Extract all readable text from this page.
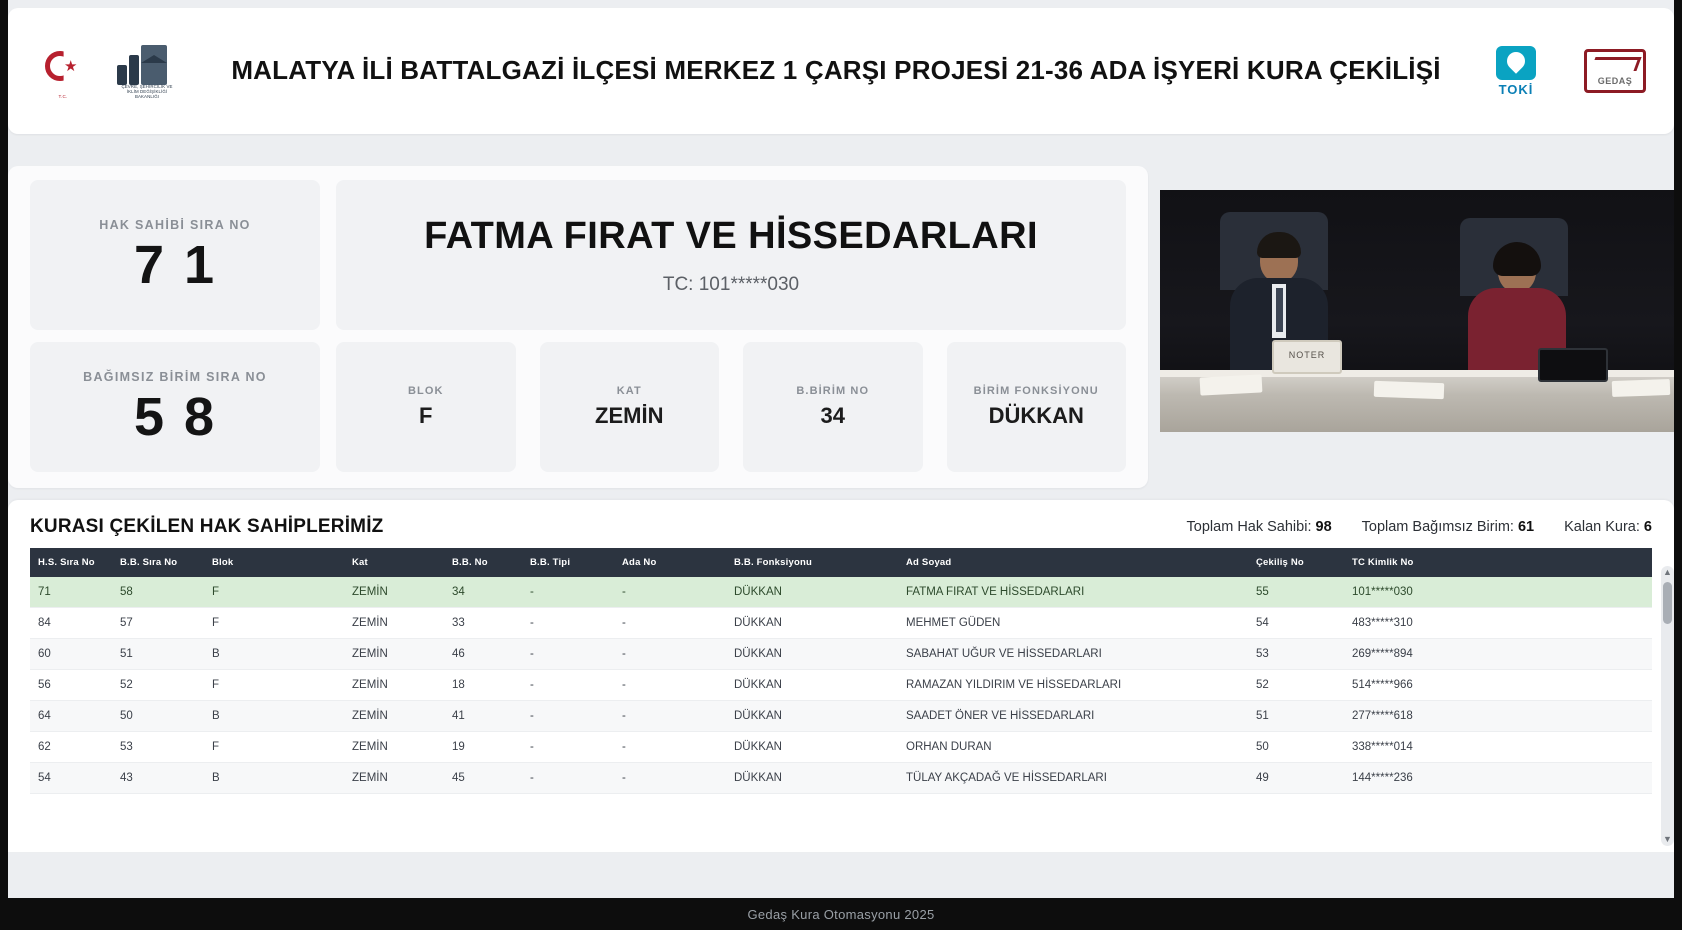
★
T.C.
ÇEVRE, ŞEHİRCİLİK VE İKLİM DEĞİŞİKLİĞİ BAKANLIĞI
MALATYA İLİ BATTALGAZİ İLÇESİ MERKEZ 1 ÇARŞI PROJESİ 21-36 ADA İŞYERİ KURA ÇEKİLİŞİ
TOKİ
GEDAŞ
HAK SAHİBİ SIRA NO
7 1
BAĞIMSIZ BİRİM SIRA NO
5 8
FATMA FIRAT VE HİSSEDARLARI
TC: 101*****030
BLOK
F
KAT
ZEMİN
B.BİRİM NO
34
BİRİM FONKSİYONU
DÜKKAN
NOTER
KURASI ÇEKİLEN HAK SAHİPLERİMİZ	Toplam Hak Sahibi: 98 Toplam Bağımsız Birim: 61 Kalan Kura: 6
H.S. Sıra No	B.B. Sıra No	Blok	Kat	B.B. No	B.B. Tipi	Ada No	B.B. Fonksiyonu	Ad Soyad	Çekiliş No	TC Kimlik No
71	58	F	ZEMİN	34	-	-	DÜKKAN	FATMA FIRAT VE HİSSEDARLARI	55	101*****030
84	57	F	ZEMİN	33	-	-	DÜKKAN	MEHMET GÜDEN	54	483*****310
60	51	B	ZEMİN	46	-	-	DÜKKAN	SABAHAT UĞUR VE HİSSEDARLARI	53	269*****894
56	52	F	ZEMİN	18	-	-	DÜKKAN	RAMAZAN YILDIRIM VE HİSSEDARLARI	52	514*****966
64	50	B	ZEMİN	41	-	-	DÜKKAN	SAADET ÖNER VE HİSSEDARLARI	51	277*****618
62	53	F	ZEMİN	19	-	-	DÜKKAN	ORHAN DURAN	50	338*****014
54	43	B	ZEMİN	45	-	-	DÜKKAN	TÜLAY AKÇADAĞ VE HİSSEDARLARI	49	144*****236
▲
▼
Gedaş Kura Otomasyonu 2025
